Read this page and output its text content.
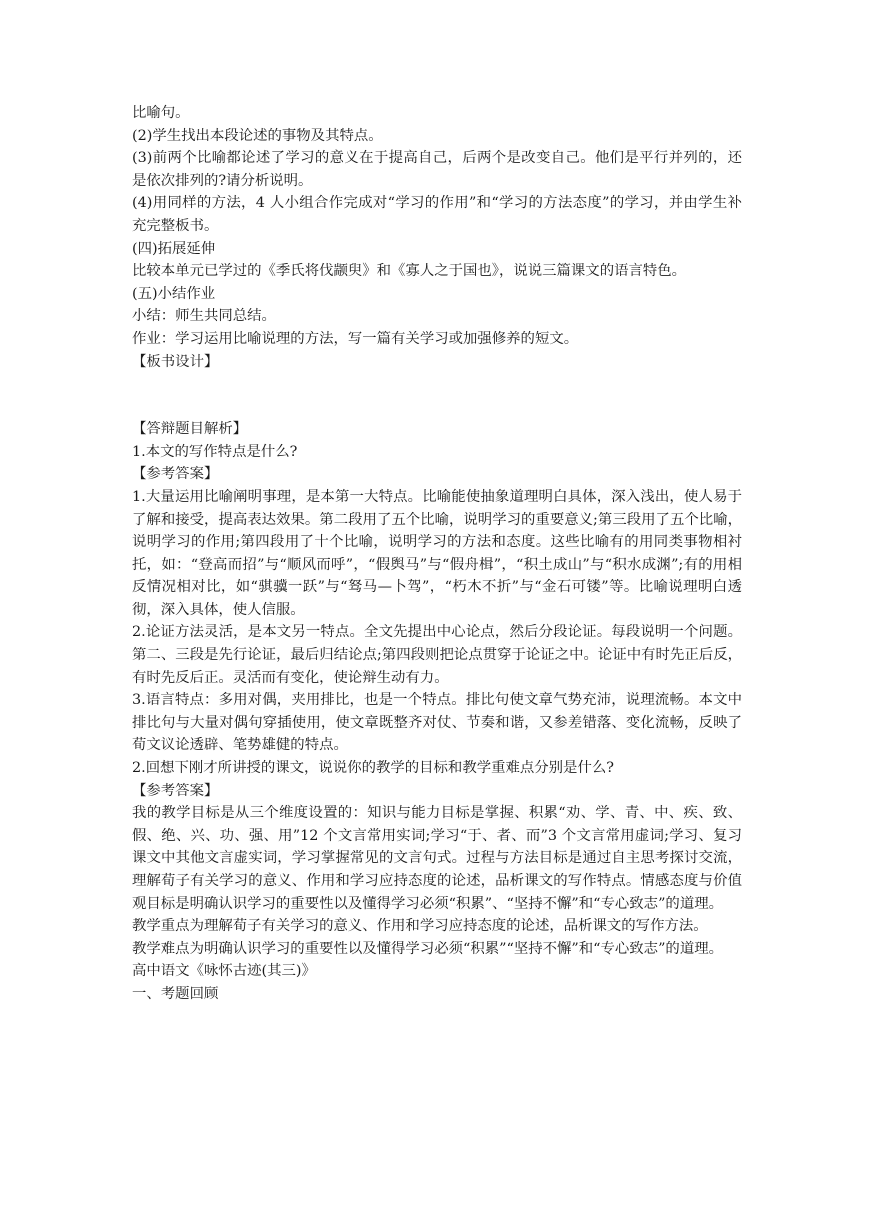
比喻句。

(2)学生找出本段论述的事物及其特点。

(3)前两个比喻都论述了学习的意义在于提高自己，后两个是改变自己。他们是平行并列的，还是依次排列的?请分析说明。

(4)用同样的方法，4 人小组合作完成对“学习的作用”和“学习的方法态度”的学习，并由学生补充完整板书。

(四)拓展延伸

比较本单元已学过的《季氏将伐颛臾》和《寡人之于国也》，说说三篇课文的语言特色。

(五)小结作业

小结：师生共同总结。

作业：学习运用比喻说理的方法，写一篇有关学习或加强修养的短文。

【板书设计】

【答辩题目解析】

1.本文的写作特点是什么?

【参考答案】

1.大量运用比喻阐明事理，是本第一大特点。比喻能使抽象道理明白具体，深入浅出，使人易于了解和接受，提高表达效果。第二段用了五个比喻，说明学习的重要意义;第三段用了五个比喻，说明学习的作用;第四段用了十个比喻，说明学习的方法和态度。这些比喻有的用同类事物相衬托，如：“登高而招”与“顺风而呼”，“假舆马”与“假舟楫”，“积土成山”与“积水成渊”;有的用相反情况相对比，如“骐骥一跃”与“驽马—卜驾”，“朽木不折”与“金石可镂”等。比喻说理明白透彻，深入具体，使人信服。

2.论证方法灵活，是本文另一特点。全文先提出中心论点，然后分段论证。每段说明一个问题。第二、三段是先行论证，最后归结论点;第四段则把论点贯穿于论证之中。论证中有时先正后反，有时先反后正。灵活而有变化，使论辩生动有力。

3.语言特点：多用对偶，夹用排比，也是一个特点。排比句使文章气势充沛，说理流畅。本文中排比句与大量对偶句穿插使用，使文章既整齐对仗、节奏和谐，又参差错落、变化流畅，反映了荀文议论透辟、笔势雄健的特点。

2.回想下刚才所讲授的课文，说说你的教学的目标和教学重难点分别是什么?

【参考答案】

我的教学目标是从三个维度设置的：知识与能力目标是掌握、积累“劝、学、青、中、疾、致、假、绝、兴、功、强、用”12 个文言常用实词;学习“于、者、而”3 个文言常用虚词;学习、复习课文中其他文言虚实词，学习掌握常见的文言句式。过程与方法目标是通过自主思考探讨交流，理解荀子有关学习的意义、作用和学习应持态度的论述，品析课文的写作特点。情感态度与价值观目标是明确认识学习的重要性以及懂得学习必须“积累”、“坚持不懈”和“专心致志”的道理。

教学重点为理解荀子有关学习的意义、作用和学习应持态度的论述，品析课文的写作方法。

教学难点为明确认识学习的重要性以及懂得学习必须“积累”“坚持不懈”和“专心致志”的道理。

高中语文《咏怀古迹(其三)》

一、考题回顾
